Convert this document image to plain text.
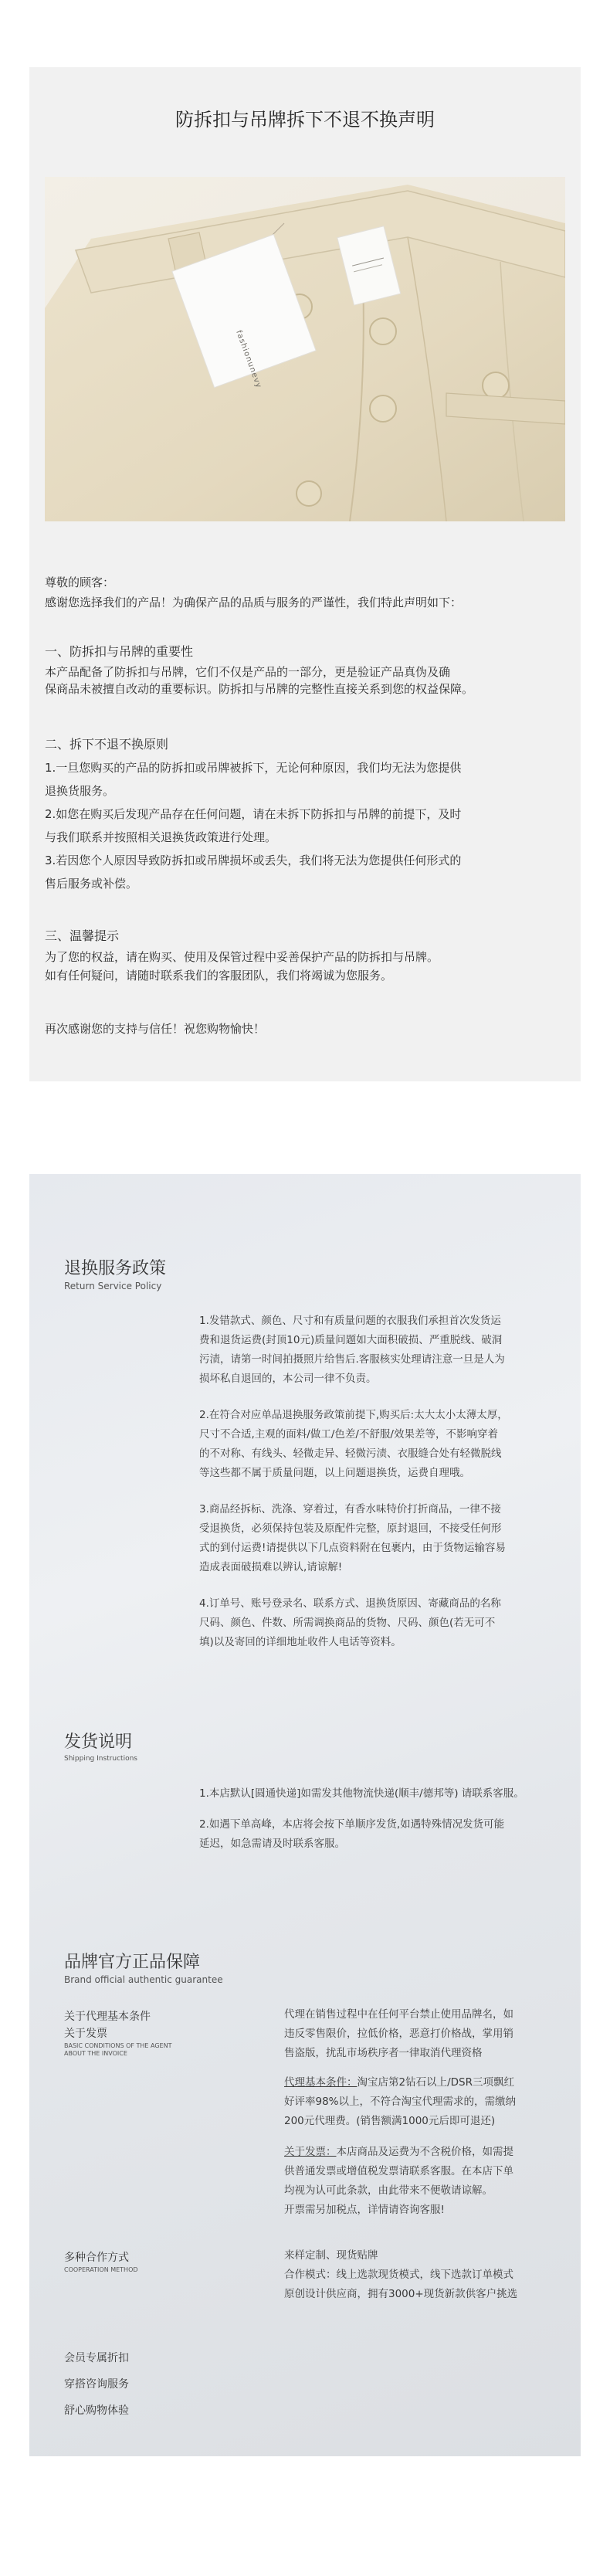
防拆扣与吊牌拆下不退不换声明
fashionunevy
尊敬的顾客：
感谢您选择我们的产品！为确保产品的品质与服务的严谨性，我们特此声明如下：
一、防拆扣与吊牌的重要性
本产品配备了防拆扣与吊牌，它们不仅是产品的一部分，更是验证产品真伪及确
保商品未被擅自改动的重要标识。防拆扣与吊牌的完整性直接关系到您的权益保障。
二、拆下不退不换原则
1.一旦您购买的产品的防拆扣或吊牌被拆下，无论何种原因，我们均无法为您提供
退换货服务。
2.如您在购买后发现产品存在任何问题，请在未拆下防拆扣与吊牌的前提下，及时
与我们联系并按照相关退换货政策进行处理。
3.若因您个人原因导致防拆扣或吊牌损坏或丢失，我们将无法为您提供任何形式的
售后服务或补偿。
三、温馨提示
为了您的权益，请在购买、使用及保管过程中妥善保护产品的防拆扣与吊牌。
如有任何疑问，请随时联系我们的客服团队，我们将竭诚为您服务。
再次感谢您的支持与信任！祝您购物愉快！
退换服务政策
Return Service Policy
1.发错款式、颜色、尺寸和有质量问题的衣服我们承担首次发货运
费和退货运费(封顶10元)质量问题如大面积破损、严重脱线、破洞
污渍，请第一时间拍摄照片给售后.客服核实处理请注意一旦是人为
损坏私自退回的，本公司一律不负责。
2.在符合对应单品退换服务政策前提下,购买后:太大太小太薄太厚，
尺寸不合适,主观的面料/做工/色差/不舒服/效果差等，不影响穿着
的不对称、有线头、轻微走异、轻微污渍、衣服缝合处有轻微脱线
等这些都不属于质量问题，以上问题退换货，运费自理哦。
3.商品经拆标、洗涤、穿着过，有香水味特价打折商品，一律不接
受退换货，必须保持包装及原配件完整，原封退回，不接受任何形
式的到付运费!请提供以下几点资料附在包裹内，由于货物运输容易
造成表面破损难以辨认,请谅解!
4.订单号、账号登录名、联系方式、退换货原因、寄藏商品的名称
尺码、颜色、件数、所需调换商品的货物、尺码、颜色(若无可不
填)以及寄回的详细地址收件人电话等资料。
发货说明
Shipping Instructions
1.本店默认[圆通快递]如需发其他物流快递(顺丰/德邦等) 请联系客服。
2.如遇下单高峰，本店将会按下单顺序发货,如遇特殊情况发货可能
延迟，如急需请及时联系客服。
品牌官方正品保障
Brand official authentic guarantee
关于代理基本条件
关于发票
BASIC CONDITIONS OF THE AGENT
ABOUT THE INVOICE
代理在销售过程中在任何平台禁止使用品牌名，如
违反零售限价，拉低价格，恶意打价格战，掌用销
售盗版，扰乱市场秩序者一律取消代理资格
代理基本条件：淘宝店第2钻石以上/DSR三项飘红
好评率98%以上，不符合淘宝代理需求的，需缴纳
200元代理费。(销售额满1000元后即可退还)
关于发票：本店商品及运费为不含税价格，如需提
供普通发票或增值税发票请联系客服。在本店下单
均视为认可此条款，由此带来不便敬请谅解。
开票需另加税点，详情请咨询客服!
多种合作方式
COOPERATION METHOD
来样定制、现货贴牌
合作模式：线上选款现货模式，线下选款订单模式
原创设计供应商，拥有3000+现货新款供客户挑选
会员专属折扣
穿搭咨询服务
舒心购物体验
